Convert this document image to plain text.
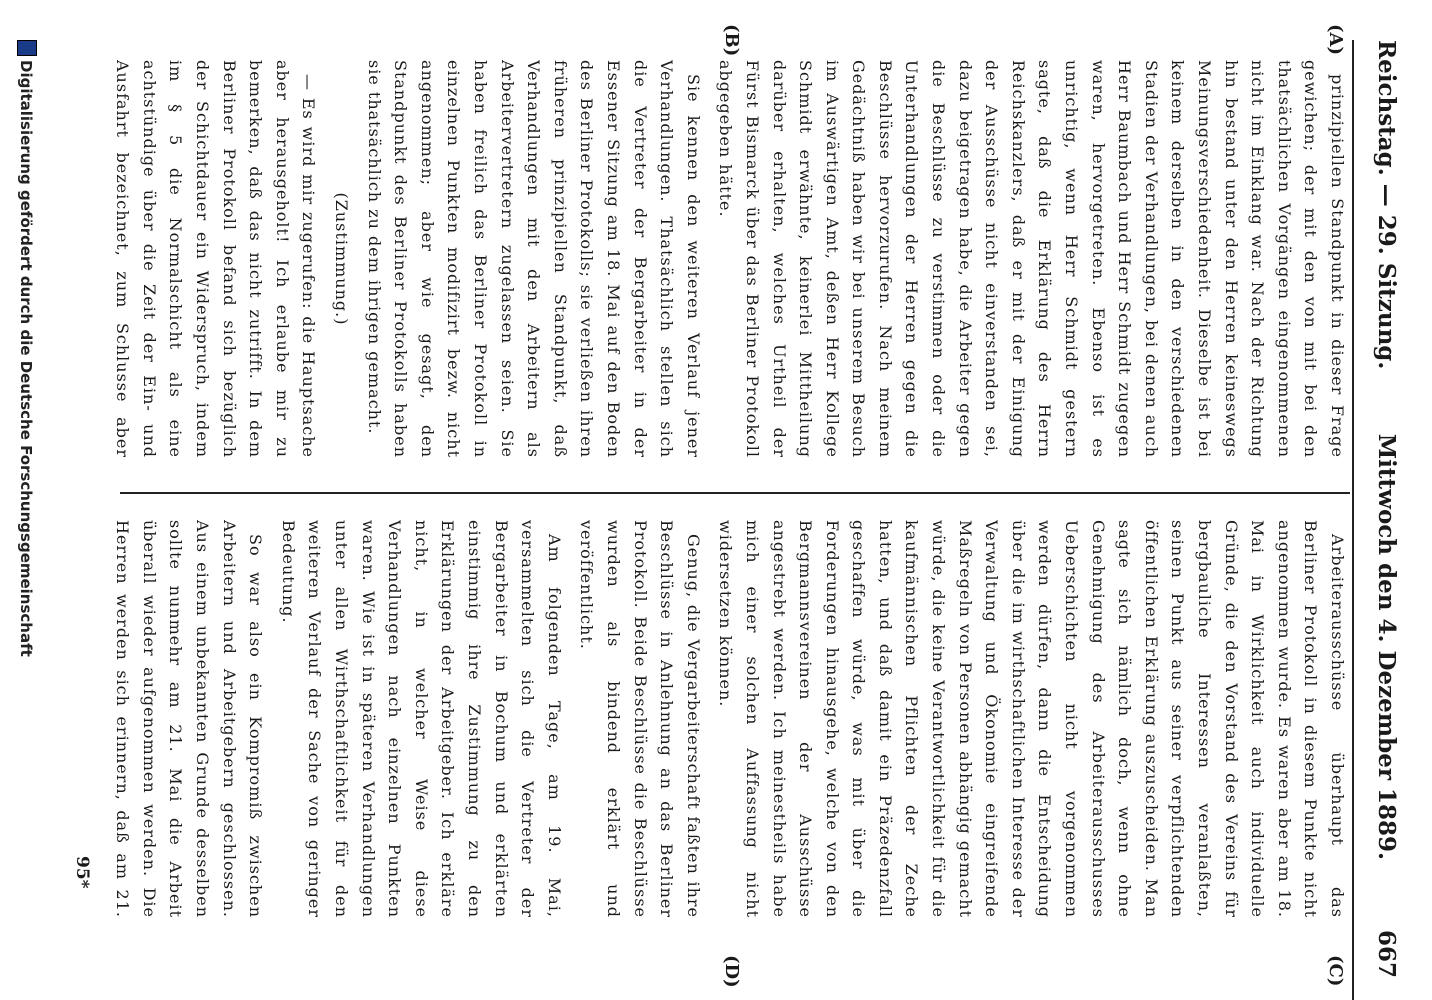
Reichstag. — 29. Sitzung.
Mittwoch den 4. Dezember 1889.667
(A)
(B)
(C)
(D)

prinzipiellen Standpunkt in dieser Frage gewichen; der mit den von mit bei den thatsächlichen Vorgängen eingenommenen nicht im Einklang war. Nach der Richtung hin bestand unter den Herren keineswegs Meinungsverschiedenheit. Dieselbe ist bei keinem derselben in den verschiedenen Stadien der Verhandlungen, bei denen auch Herr Baumbach und Herr Schmidt zugegen waren, hervorgetreten. Ebenso ist es unrichtig, wenn Herr Schmidt gestern sagte, daß die Erklärung des Herrn Reichskanzlers, daß er mit der Einigung der Ausschüsse nicht einverstanden sei, dazu beigetragen habe, die Arbeiter gegen die Beschlüsse zu verstimmen oder die Unterhandlungen der Herren gegen die Beschlüsse hervorzurufen. Nach meinem Gedächtniß haben wir bei unserem Besuch im Auswärtigen Amt, deßen Herr Kollege Schmidt erwähnte, keinerlei Mittheilung darüber erhalten, welches Urtheil der Fürst Bismarck über das Berliner Protokoll abgegeben hätte.

Sie kennen den weiteren Verlauf jener Verhandlungen. Thatsächlich stellen sich die Vertreter der Bergarbeiter in der Essener Sitzung am 18. Mai auf den Boden des Berliner Protokolls; sie verließen ihren früheren prinzipiellen Standpunkt, daß Verhandlungen mit den Arbeitern als Arbeitervertretern zugelassen seien. Sie haben freilich das Berliner Protokoll in einzelnen Punkten modifizirt bezw. nicht angenommen; aber wie gesagt, den Standpunkt des Berliner Protokolls haben sie thatsächlich zu dem ihrigen gemacht.

(Zustimmung.)

— Es wird mir zugerufen: die Hauptsache aber herausgeholt! Ich erlaube mir zu bemerken, daß das nicht zutrifft. In dem Berliner Protokoll befand sich bezüglich der Schichtdauer ein Widerspruch, indem im § 5 die Normalschicht als eine achtstündige über die Zeit der Ein- und Ausfahrt bezeichnet, zum Schlusse aber

Arbeiterausschüsse überhaupt das Berliner Protokoll in diesem Punkte nicht angenommen wurde. Es waren aber am 18. Mai in Wirklichkeit auch individuelle Gründe, die den Vorstand des Vereins für bergbauliche Interessen veranlaßten, seinen Punkt aus seiner verpflichtenden öffentlichen Erklärung auszuscheiden. Man sagte sich nämlich doch, wenn ohne Genehmigung des Arbeiterausschusses Ueberschichten nicht vorgenommen werden dürfen, dann die Entscheidung über die im wirthschaftlichen Interesse der Verwaltung und Ökonomie eingreifende Maßregeln von Personen abhängig gemacht würde, die keine Verantwortlichkeit für die kaufmännischen Pflichten der Zeche hatten, und daß damit ein Präzedenzfall geschaffen würde, was mit über die Forderungen hinausgehe, welche von den Bergmannsvereinen der Ausschüsse angestrebt werden. Ich meinestheils habe mich einer solchen Auffassung nicht widersetzen können.

Genug, die Vergarbeiterschaft faßten ihre Beschlüsse in Anlehnung an das Berliner Protokoll. Beide Beschlüsse die Beschlüsse wurden als bindend erklärt und veröffentlicht.

Am folgenden Tage, am 19. Mai, versammelten sich die Vertreter der Bergarbeiter in Bochum und erklärten einstimmig ihre Zustimmung zu den Erklärungen der Arbeitgeber. Ich erkläre nicht, in welcher Weise diese Verhandlungen nach einzelnen Punkten waren. Wie ist in späteren Verhandlungen unter allen Wirthschaftlichkeit für den weiteren Verlauf der Sache von geringer Bedeutung.

So war also ein Kompromiß zwischen Arbeitern und Arbeitgebern geschlossen. Aus einem unbekannten Grunde desselben sollte nunmehr am 21. Mai die Arbeit überall wieder aufgenommen werden. Die Herren werden sich erinnern, daß am 21.

95*
Digitalisierung gefördert durch die Deutsche Forschungsgemeinschaft
